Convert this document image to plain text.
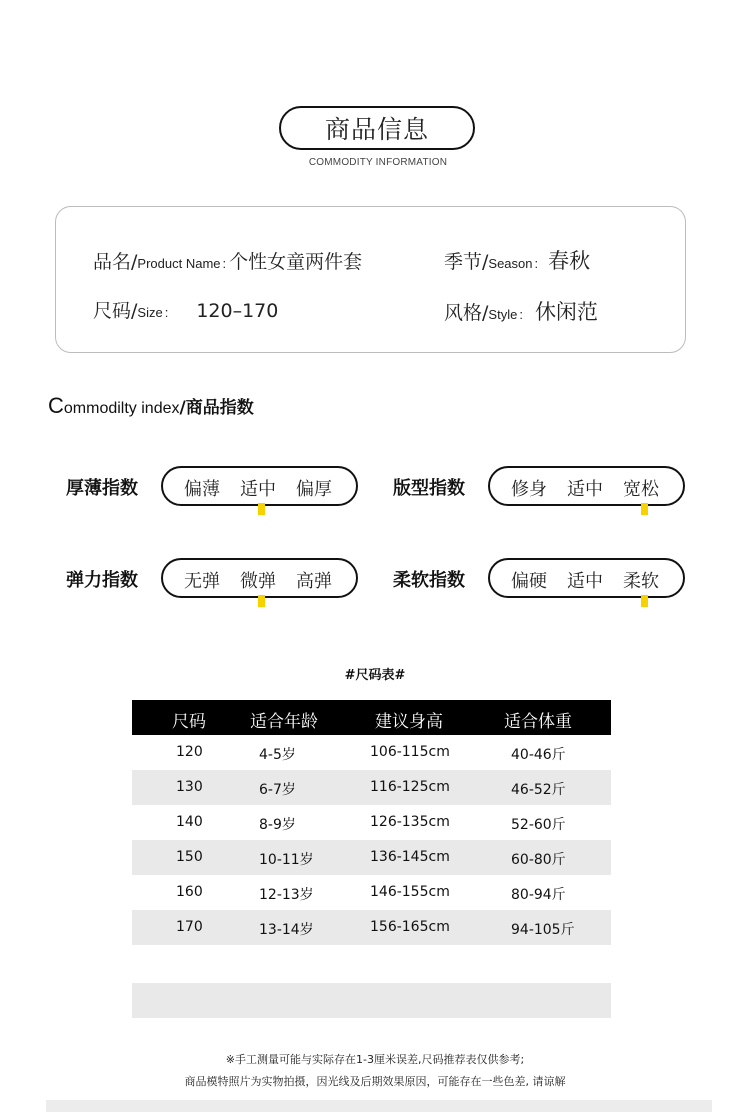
商品信息
COMMODITY INFORMATION
品名/ Product Name : 个性女童两件套	季节/ Season : 春秋
尺码/ Size : 120–170	风格/ Style : 休闲范
C ommodilty index /商品指数
厚薄指数	偏薄 适中 偏厚	版型指数	修身 适中 宽松
弹力指数	无弹 微弹 高弹	柔软指数	偏硬 适中 柔软
#尺码表#
尺码	适合年龄	建议身高	适合体重
120	4-5岁	106-115cm	40-46斤
130	6-7岁	116-125cm	46-52斤
140	8-9岁	126-135cm	52-60斤
150	10-11岁	136-145cm	60-80斤
160	12-13岁	146-155cm	80-94斤
170	13-14岁	156-165cm	94-105斤
※手工测量可能与实际存在1-3厘米误差,尺码推荐表仅供参考;
商品模特照片为实物拍摄，因光线及后期效果原因，可能存在一些色差, 请谅解
